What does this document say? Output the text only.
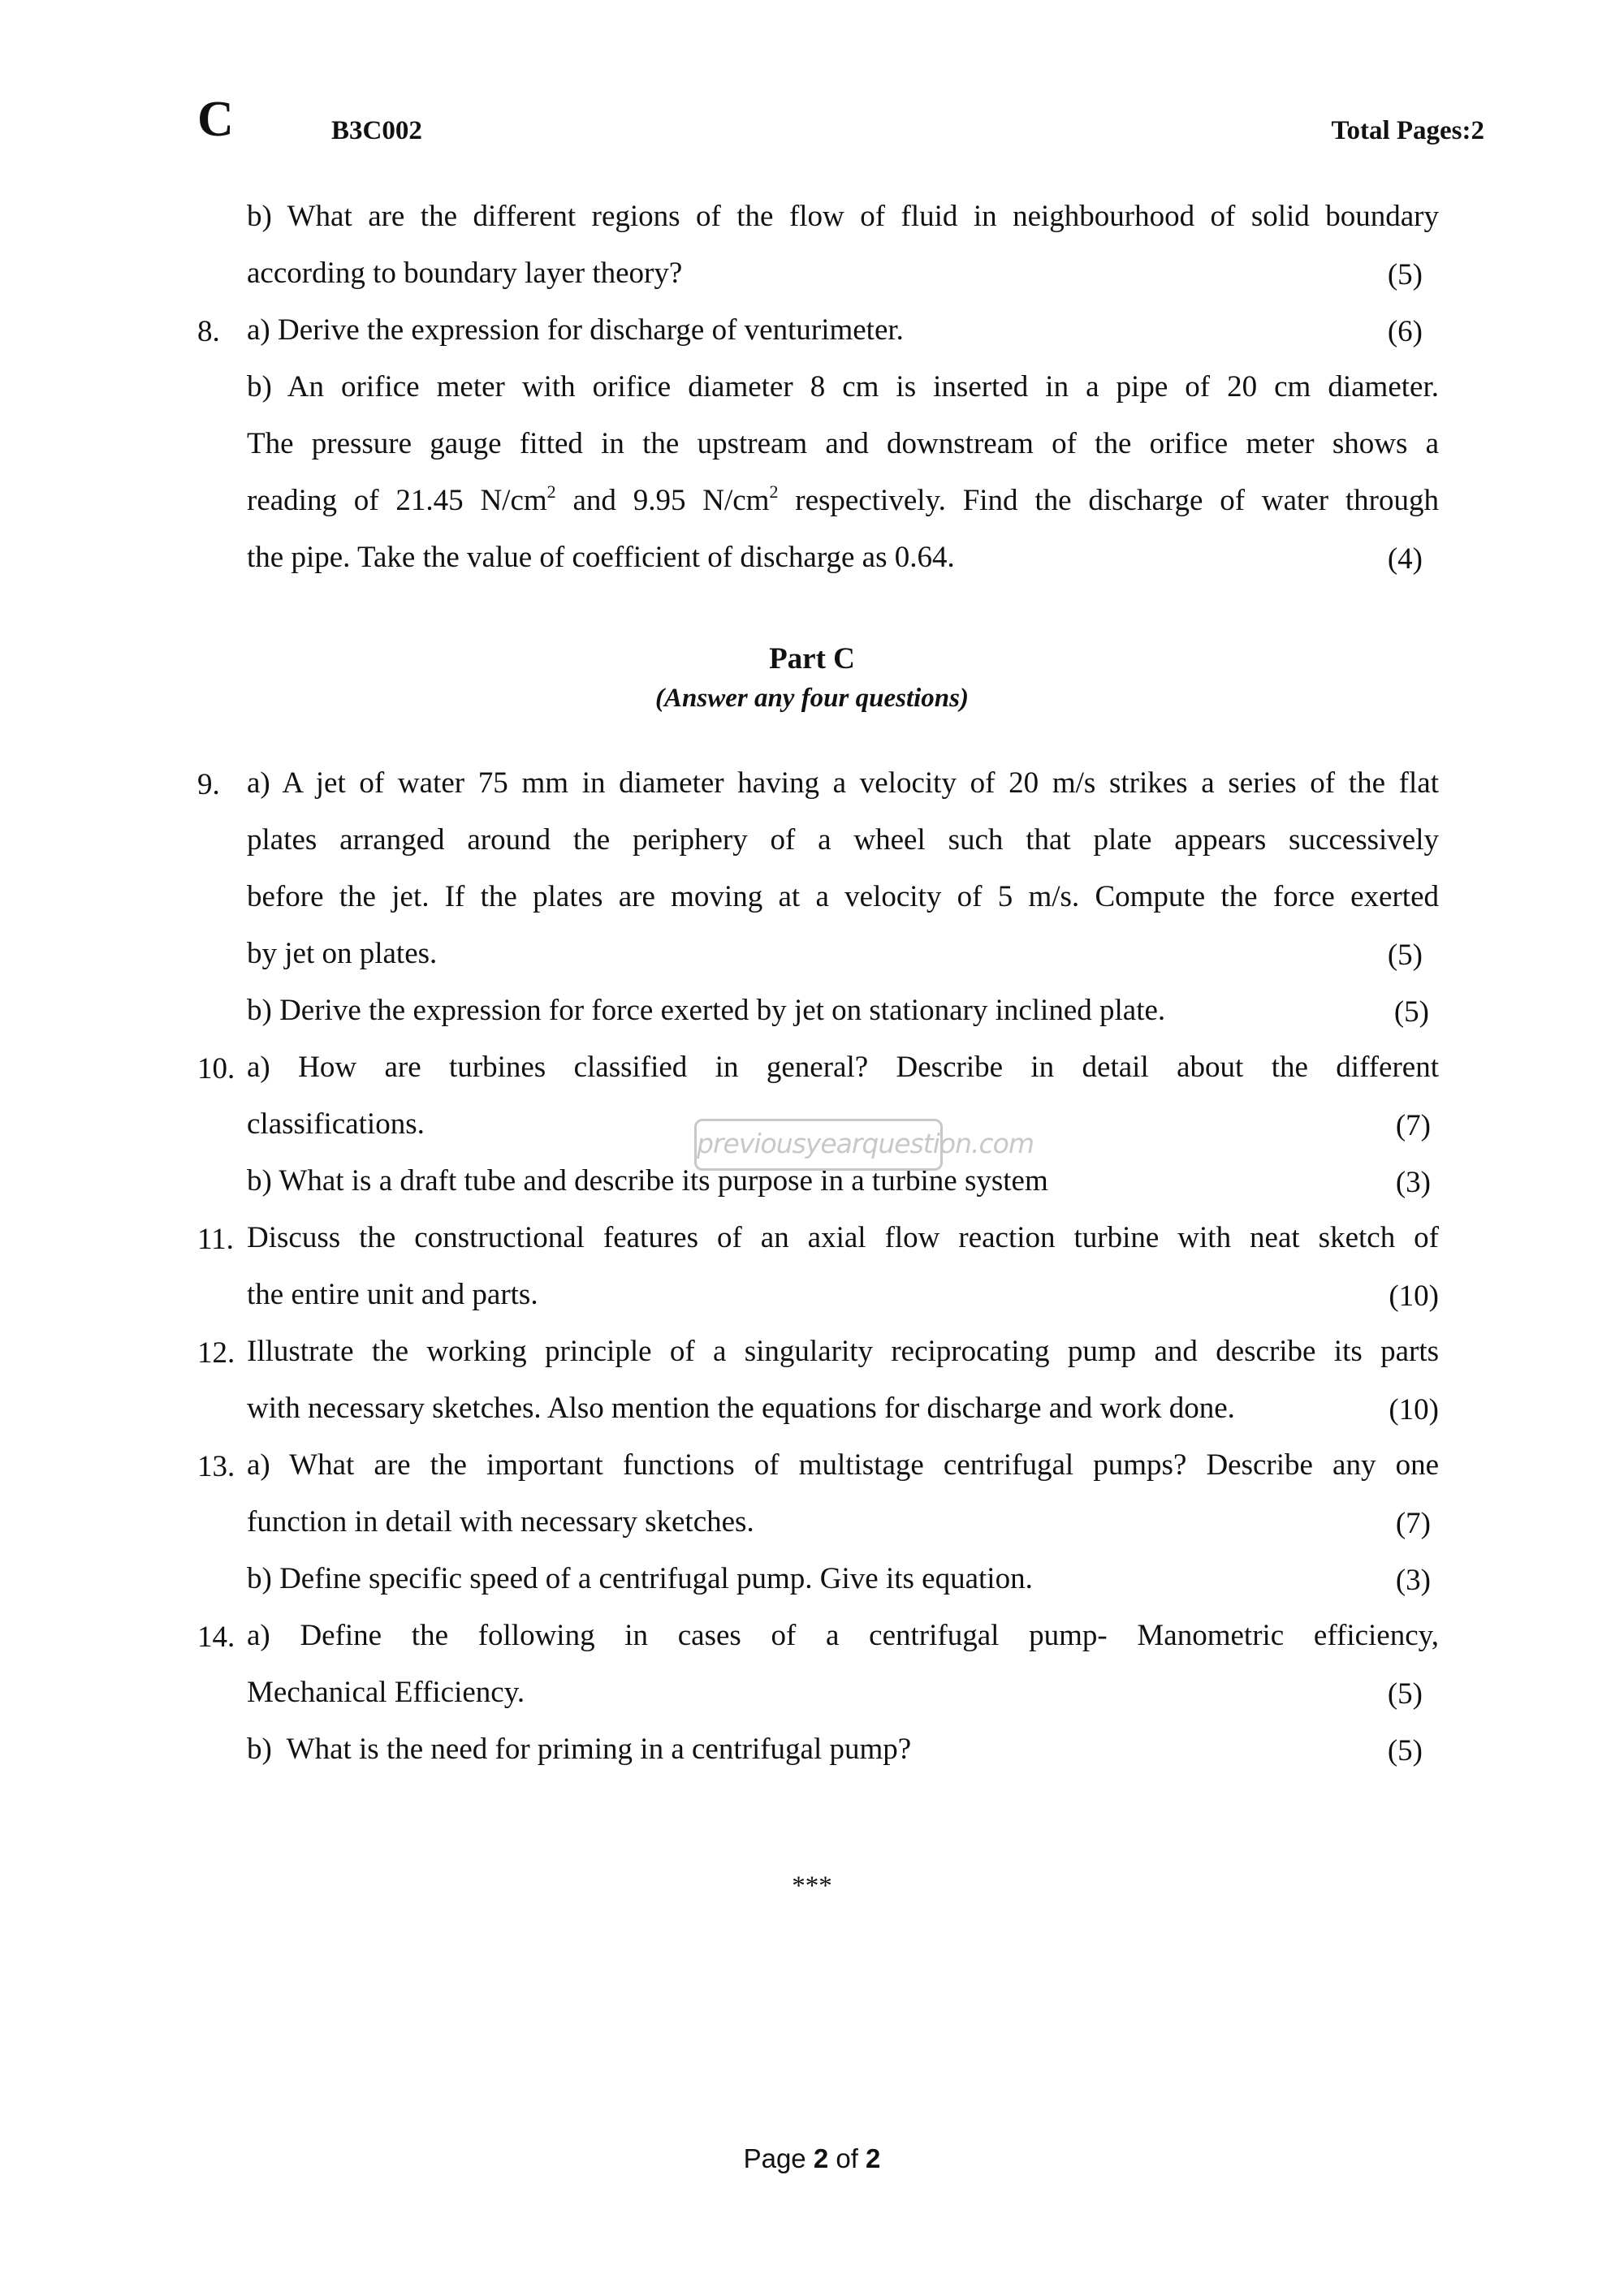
C	B3C002	Total Pages:2
b) What are the different regions of the flow of fluid in neighbourhood of solid boundary
according to boundary layer theory?	(5)
8. a) Derive the expression for discharge of venturimeter.	(6)
b) An orifice meter with orifice diameter 8 cm is inserted in a pipe of 20 cm diameter.
The pressure gauge fitted in the upstream and downstream of the orifice meter shows a
reading of 21.45 $N/cm^2$ and 9.95 $N/cm^2$ respectively. Find the discharge of water through
the pipe. Take the value of coefficient of discharge as 0.64.	(4)
Part C
(Answer any four questions)
9. a) A jet of water 75 mm in diameter having a velocity of 20 m/s strikes a series of the flat
plates arranged around the periphery of a wheel such that plate appears successively
before the jet. If the plates are moving at a velocity of 5 m/s. Compute the force exerted
by jet on plates.	(5)
b) Derive the expression for force exerted by jet on stationary inclined plate.	(5)
10. a) How are turbines classified in general? Describe in detail about the different
classifications.	(7)
b) What is a draft tube and describe its purpose in a turbine system	(3)
11. Discuss the constructional features of an axial flow reaction turbine with neat sketch of
the entire unit and parts.	(10)
12. Illustrate the working principle of a singularity reciprocating pump and describe its parts
with necessary sketches. Also mention the equations for discharge and work done.	(10)
13. a) What are the important functions of multistage centrifugal pumps? Describe any one
function in detail with necessary sketches.	(7)
b) Define specific speed of a centrifugal pump. Give its equation.	(3)
14. a) Define the following in cases of a centrifugal pump- Manometric efficiency,
Mechanical Efficiency.	(5)
b)  What is the need for priming in a centrifugal pump?	(5)
***
previousyearquestion.com
Page 2 of 2
